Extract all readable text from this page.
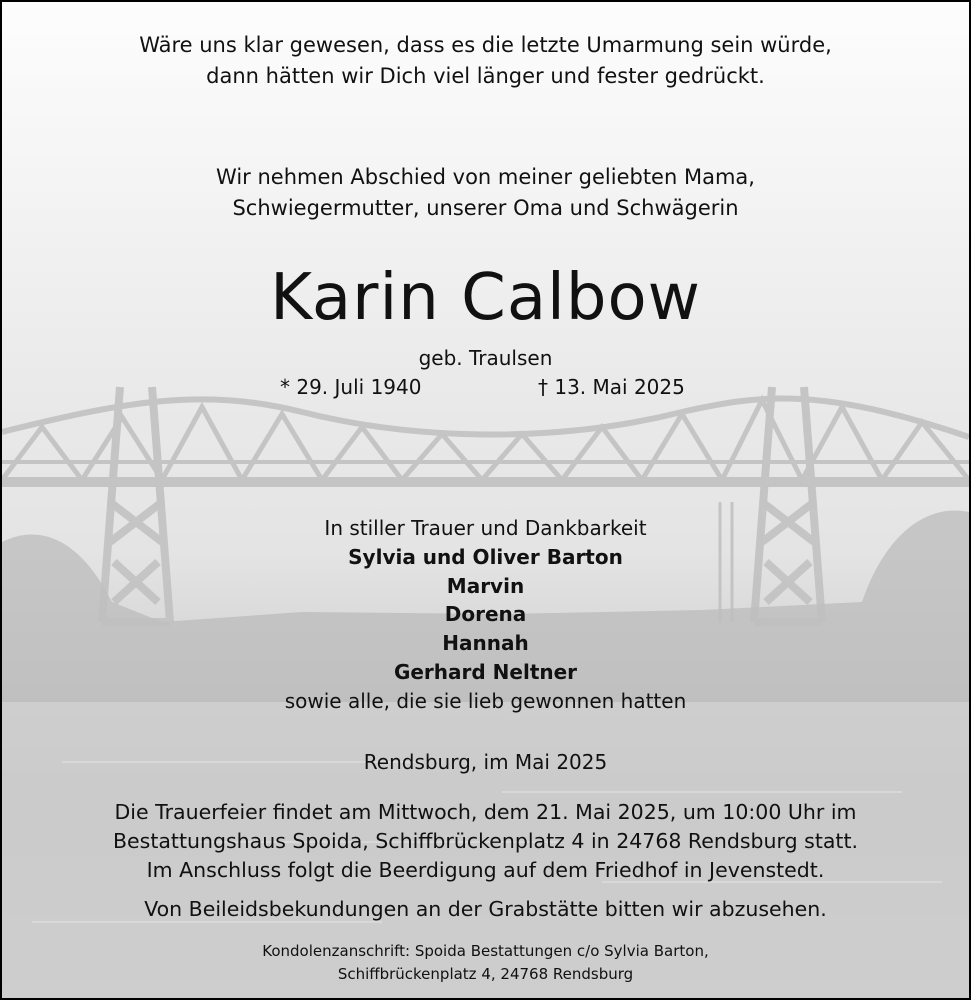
Wäre uns klar gewesen, dass es die letzte Umarmung sein würde,
dann hätten wir Dich viel länger und fester gedrückt.
Wir nehmen Abschied von meiner geliebten Mama,
Schwiegermutter, unserer Oma und Schwägerin
Karin Calbow
geb. Traulsen
* 29. Juli 1940	† 13. Mai 2025
In stiller Trauer und Dankbarkeit
Sylvia und Oliver Barton
Marvin
Dorena
Hannah
Gerhard Neltner
sowie alle, die sie lieb gewonnen hatten
Rendsburg, im Mai 2025
Die Trauerfeier findet am Mittwoch, dem 21. Mai 2025, um 10:00 Uhr im
Bestattungshaus Spoida, Schiffbrückenplatz 4 in 24768 Rendsburg statt.
Im Anschluss folgt die Beerdigung auf dem Friedhof in Jevenstedt.
Von Beileidsbekundungen an der Grabstätte bitten wir abzusehen.
Kondolenzanschrift: Spoida Bestattungen c/o Sylvia Barton,
Schiffbrückenplatz 4, 24768 Rendsburg
